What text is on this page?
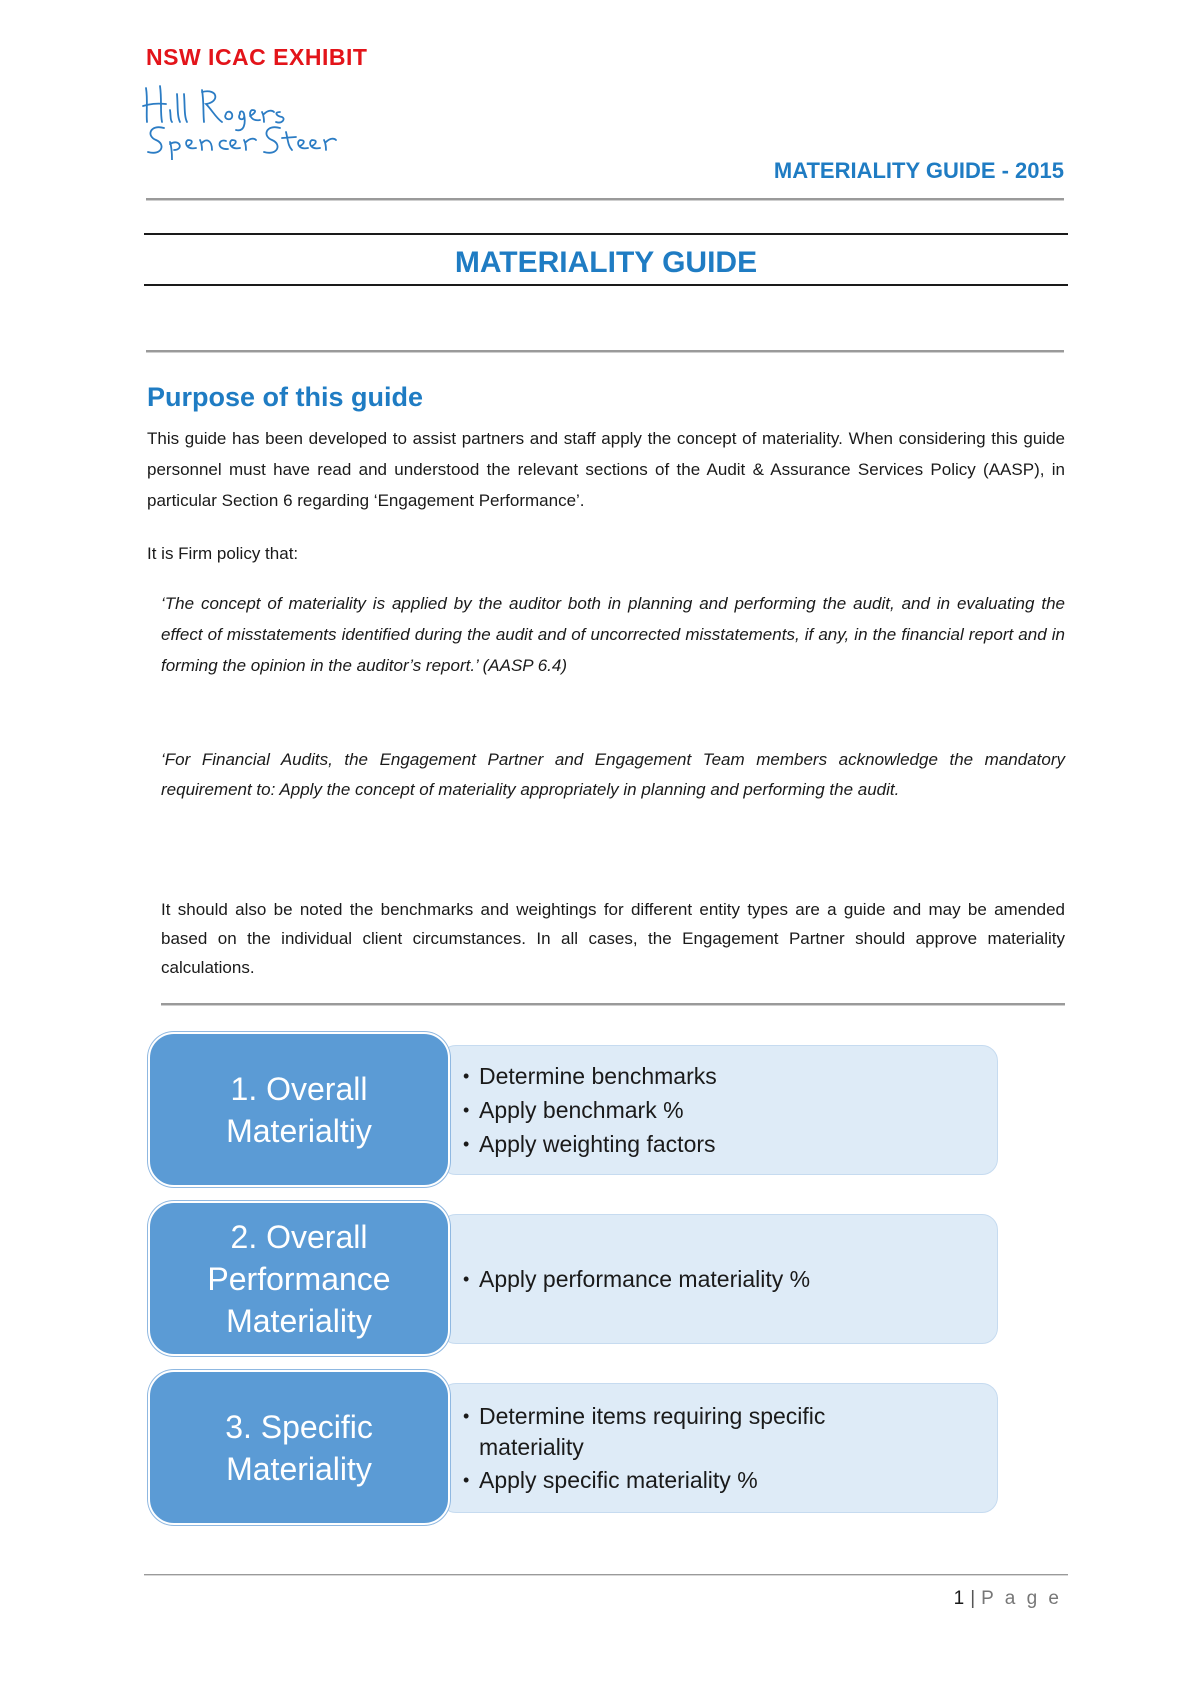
NSW ICAC EXHIBIT
MATERIALITY GUIDE - 2015
MATERIALITY GUIDE
Purpose of this guide
This guide has been developed to assist partners and staff apply the concept of materiality. When considering this guide personnel must have read and understood the relevant sections of the Audit & Assurance Services Policy (AASP), in particular Section 6 regarding ‘Engagement Performance’.
It is Firm policy that:
‘The concept of materiality is applied by the auditor both in planning and performing the audit, and in evaluating the effect of misstatements identified during the audit and of uncorrected misstatements, if any, in the financial report and in forming the opinion in the auditor’s report.’ (AASP 6.4)
‘For Financial Audits, the Engagement Partner and Engagement Team members acknowledge the mandatory requirement to: Apply the concept of materiality appropriately in planning and performing the audit.
It should also be noted the benchmarks and weightings for different entity types are a guide and may be amended based on the individual client circumstances. In all cases, the Engagement Partner should approve materiality calculations.
1. Overall
Materialtiy
• Determine benchmarks
• Apply benchmark %
• Apply weighting factors
2. Overall
Performance
Materiality
• Apply performance materiality %
3. Specific
Materiality
• Determine items requiring specific materiality
• Apply specific materiality %
1 | P a g e
